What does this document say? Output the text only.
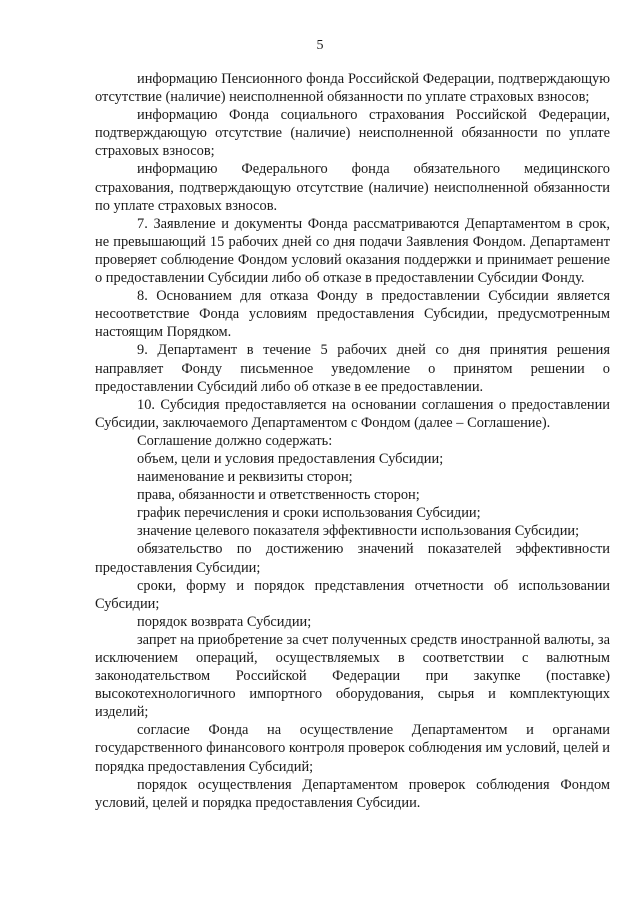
5

информацию Пенсионного фонда Российской Федерации, подтверждающую отсутствие (наличие) неисполненной обязанности по уплате страховых взносов;

информацию Фонда социального страхования Российской Федерации, подтверждающую отсутствие (наличие) неисполненной обязанности по уплате страховых взносов;

информацию Федерального фонда обязательного медицинского страхования, подтверждающую отсутствие (наличие) неисполненной обязанности по уплате страховых взносов.

7. Заявление и документы Фонда рассматриваются Департаментом в срок, не превышающий 15 рабочих дней со дня подачи Заявления Фондом. Департамент проверяет соблюдение Фондом условий оказания поддержки и принимает решение о предоставлении Субсидии либо об отказе в предоставлении Субсидии Фонду.

8. Основанием для отказа Фонду в предоставлении Субсидии является несоответствие Фонда условиям предоставления Субсидии, предусмотренным настоящим Порядком.

9. Департамент в течение 5 рабочих дней со дня принятия решения направляет Фонду письменное уведомление о принятом решении о предоставлении Субсидий либо об отказе в ее предоставлении.

10. Субсидия предоставляется на основании соглашения о предоставлении Субсидии, заключаемого Департаментом с Фондом (далее – Соглашение).

Соглашение должно содержать:

объем, цели и условия предоставления Субсидии;

наименование и реквизиты сторон;

права, обязанности и ответственность сторон;

график перечисления и сроки использования Субсидии;

значение целевого показателя эффективности использования Субсидии;

обязательство по достижению значений показателей эффективности предоставления Субсидии;

сроки, форму и порядок представления отчетности об использовании Субсидии;

порядок возврата Субсидии;

запрет на приобретение за счет полученных средств иностранной валюты, за исключением операций, осуществляемых в соответствии с валютным законодательством Российской Федерации при закупке (поставке) высокотехнологичного импортного оборудования, сырья и комплектующих изделий;

согласие Фонда на осуществление Департаментом и органами государственного финансового контроля проверок соблюдения им условий, целей и порядка предоставления Субсидий;

порядок осуществления Департаментом проверок соблюдения Фондом условий, целей и порядка предоставления Субсидии.
